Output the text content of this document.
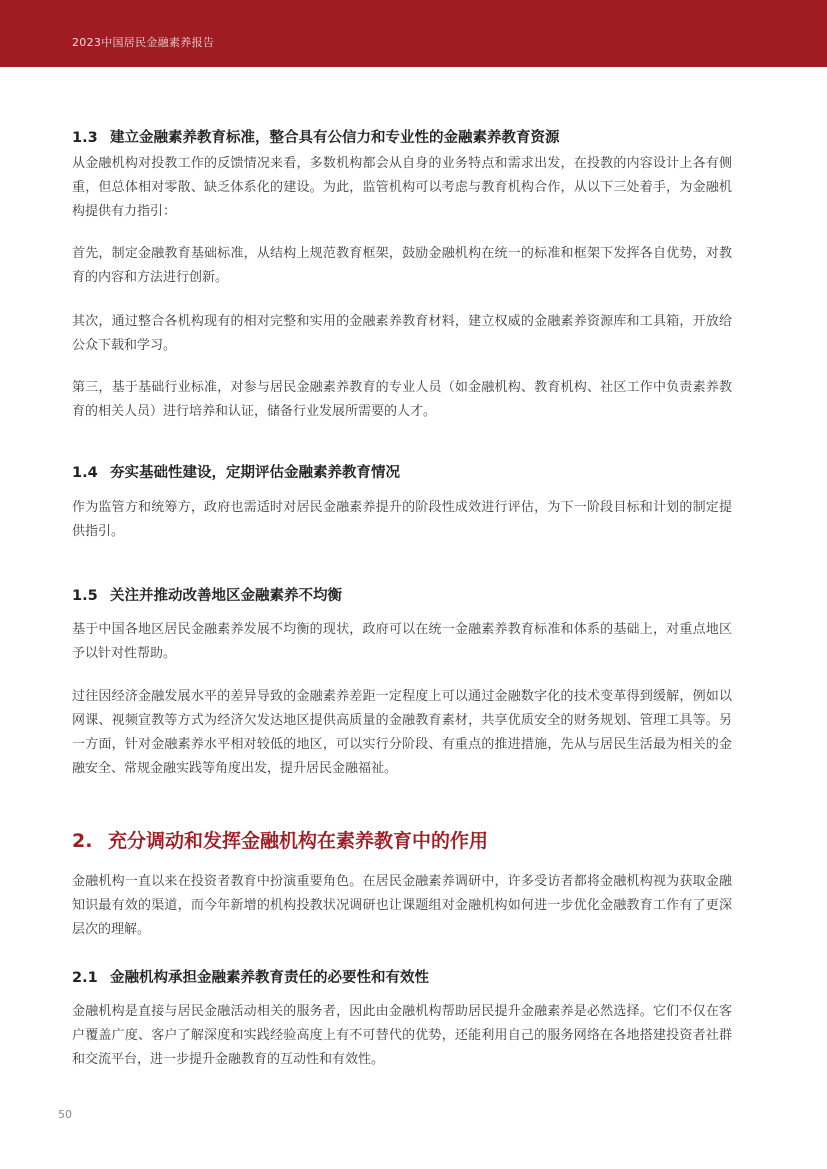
2023中国居民金融素养报告
1.3 建立金融素养教育标准，整合具有公信力和专业性的金融素养教育资源

从金融机构对投教工作的反馈情况来看，多数机构都会从自身的业务特点和需求出发，在投教的内容设计上各有侧重，但总体相对零散、缺乏体系化的建设。为此，监管机构可以考虑与教育机构合作，从以下三处着手，为金融机构提供有力指引：

首先，制定金融教育基础标准，从结构上规范教育框架，鼓励金融机构在统一的标准和框架下发挥各自优势，对教育的内容和方法进行创新。

其次，通过整合各机构现有的相对完整和实用的金融素养教育材料，建立权威的金融素养资源库和工具箱，开放给公众下载和学习。

第三，基于基础行业标准，对参与居民金融素养教育的专业人员（如金融机构、教育机构、社区工作中负责素养教育的相关人员）进行培养和认证，储备行业发展所需要的人才。

1.4 夯实基础性建设，定期评估金融素养教育情况

作为监管方和统筹方，政府也需适时对居民金融素养提升的阶段性成效进行评估，为下一阶段目标和计划的制定提供指引。

1.5 关注并推动改善地区金融素养不均衡

基于中国各地区居民金融素养发展不均衡的现状，政府可以在统一金融素养教育标准和体系的基础上，对重点地区予以针对性帮助。

过往因经济金融发展水平的差异导致的金融素养差距一定程度上可以通过金融数字化的技术变革得到缓解，例如以网课、视频宣教等方式为经济欠发达地区提供高质量的金融教育素材，共享优质安全的财务规划、管理工具等。另一方面，针对金融素养水平相对较低的地区，可以实行分阶段、有重点的推进措施，先从与居民生活最为相关的金融安全、常规金融实践等角度出发，提升居民金融福祉。

2. 充分调动和发挥金融机构在素养教育中的作用

金融机构一直以来在投资者教育中扮演重要角色。在居民金融素养调研中，许多受访者都将金融机构视为获取金融知识最有效的渠道，而今年新增的机构投教状况调研也让课题组对金融机构如何进一步优化金融教育工作有了更深层次的理解。

2.1 金融机构承担金融素养教育责任的必要性和有效性

金融机构是直接与居民金融活动相关的服务者，因此由金融机构帮助居民提升金融素养是必然选择。它们不仅在客户覆盖广度、客户了解深度和实践经验高度上有不可替代的优势，还能利用自己的服务网络在各地搭建投资者社群和交流平台，进一步提升金融教育的互动性和有效性。

50
